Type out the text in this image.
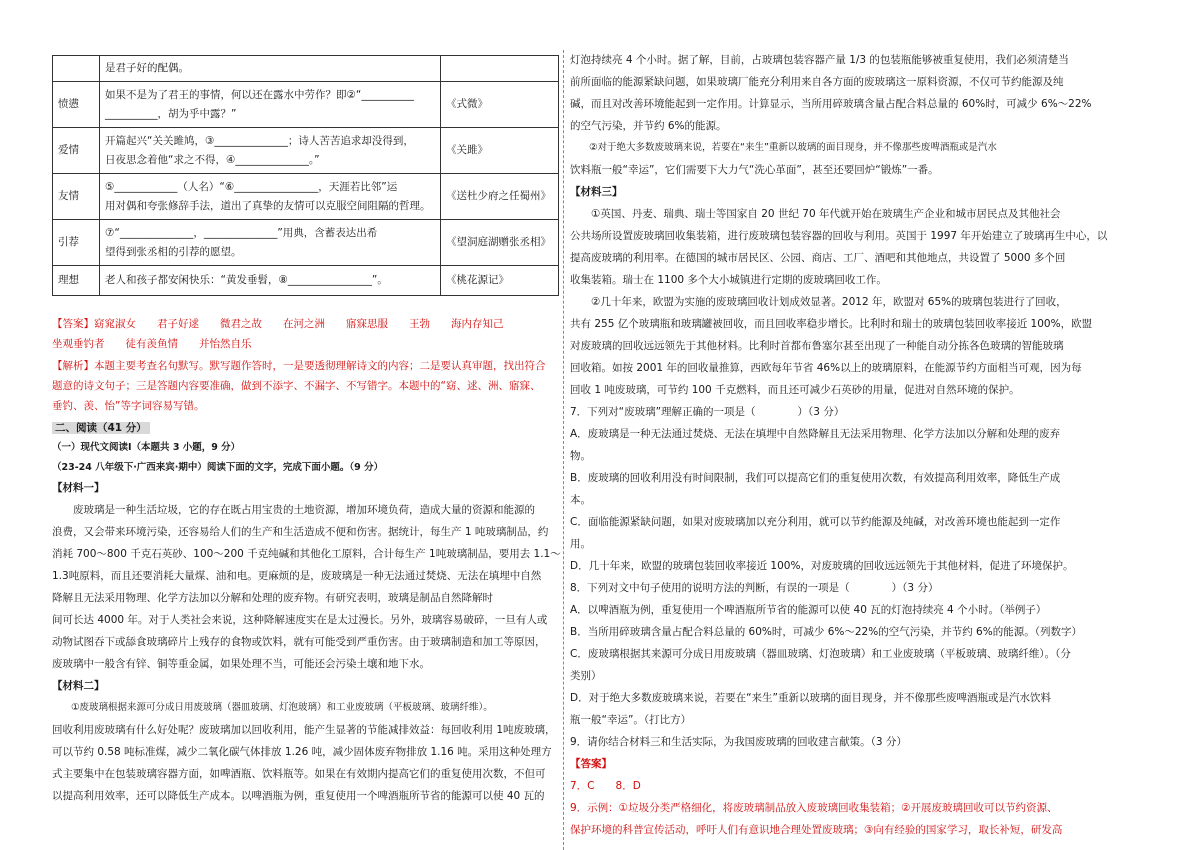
	是君子好的配偶。	
愤懑	如果不是为了君王的事情，何以还在露水中劳作？即②“__________
__________，胡为乎中露？”	《式微》
爱情	开篇起兴“关关雎鸠，③______________；诗人苦苦追求却没得到，
日夜思念着他“求之不得，④______________。”	《关雎》
友情	⑤____________（人名）“⑥________________，天涯若比邻”运
用对偶和夸张修辞手法，道出了真挚的友情可以克服空间阻隔的哲理。	《送杜少府之任蜀州》
引荐	⑦“______________，______________”用典，含蓄表达出希
望得到张丞相的引荐的愿望。	《望洞庭湖赠张丞相》
理想	老人和孩子都安闲快乐：“黄发垂髫，⑧________________”。	《桃花源记》
【答案】窈窕淑女　　君子好逑　　微君之故　　在河之洲　　寤寐思服　　王勃　　海内存知己
坐观垂钓者　　徒有羡鱼情　　并怡然自乐
【解析】本题主要考查名句默写。默写题作答时，一是要透彻理解诗文的内容；二是要认真审题，找出符合
题意的诗文句子；三是答题内容要准确，做到不添字、不漏字、不写错字。本题中的“窈、逑、洲、寤寐、
垂钓、羡、怡”等字词容易写错。
二、阅读（41 分）
（一）现代文阅读Ⅰ（本题共 3 小题，9 分）
（23-24 八年级下·广西来宾·期中）阅读下面的文字，完成下面小题。（9 分）
【材料一】
　　废玻璃是一种生活垃圾，它的存在既占用宝贵的土地资源，增加环境负荷，造成大量的资源和能源的
浪费，又会带来环境污染，还容易给人们的生产和生活造成不便和伤害。据统计，每生产 1 吨玻璃制品，约
消耗 700～800 千克石英砂、100～200 千克纯碱和其他化工原料，合计每生产 1吨玻璃制品，要用去 1.1～
1.3吨原料，而且还要消耗大量煤、油和电。更麻烦的是，废玻璃是一种无法通过焚烧、无法在填埋中自然
降解且无法采用物理、化学方法加以分解和处理的废弃物。有研究表明，玻璃是制品自然降解时
间可长达 4000 年。对于人类社会来说，这种降解速度实在是太过漫长。另外，玻璃容易破碎，一旦有人或
动物试图吞下或舔食玻璃碎片上残存的食物或饮料，就有可能受到严重伤害。由于玻璃制造和加工等原因，
废玻璃中一般含有锌、铜等重金属，如果处理不当，可能还会污染土壤和地下水。
【材料二】
　　①废玻璃根据来源可分成日用废玻璃（器皿玻璃、灯泡玻璃）和工业废玻璃（平板玻璃、玻璃纤维）。
回收利用废玻璃有什么好处呢？废玻璃加以回收利用，能产生显著的节能减排效益：每回收利用 1吨废玻璃，
可以节约 0.58 吨标准煤，减少二氧化碳气体排放 1.26 吨，减少固体废弃物排放 1.16 吨。采用这种处理方
式主要集中在包装玻璃容器方面，如啤酒瓶、饮料瓶等。如果在有效期内提高它们的重复使用次数，不但可
以提高利用效率，还可以降低生产成本。以啤酒瓶为例，重复使用一个啤酒瓶所节省的能源可以使 40 瓦的
灯泡持续亮 4 个小时。据了解，目前，占玻璃包装容器产量 1/3 的包装瓶能够被重复使用，我们必须清楚当
前所面临的能源紧缺问题，如果玻璃厂能充分利用来自各方面的废玻璃这一原料资源，不仅可节约能源及纯
碱，而且对改善环境能起到一定作用。计算显示，当所用碎玻璃含量占配合料总量的 60%时，可减少 6%～22%
的空气污染，并节约 6%的能源。
　　②对于绝大多数废玻璃来说，若要在“来生”重新以玻璃的面目现身，并不像那些废啤酒瓶或是汽水
饮料瓶一般“幸运”，它们需要下大力气“洗心革面”，甚至还要回炉“锻炼”一番。
【材料三】
　　①英国、丹麦、瑞典、瑞士等国家自 20 世纪 70 年代就开始在玻璃生产企业和城市居民点及其他社会
公共场所设置废玻璃回收集装箱，进行废玻璃包装容器的回收与利用。英国于 1997 年开始建立了玻璃再生中心，以
提高废玻璃的利用率。在德国的城市居民区、公园、商店、工厂、酒吧和其他地点，共设置了 5000 多个回
收集装箱。瑞士在 1100 多个大小城镇进行定期的废玻璃回收工作。
　　②几十年来，欧盟为实施的废玻璃回收计划成效显著。2012 年，欧盟对 65%的玻璃包装进行了回收，
共有 255 亿个玻璃瓶和玻璃罐被回收，而且回收率稳步增长。比利时和瑞士的玻璃包装回收率接近 100%，欧盟
对废玻璃的回收远远领先于其他材料。比利时首都布鲁塞尔甚至出现了一种能自动分拣各色玻璃的智能玻璃
回收箱。如按 2001 年的回收量推算，西欧每年节省 46%以上的玻璃原料，在能源节约方面相当可观，因为每
回收 1 吨废玻璃，可节约 100 千克燃料，而且还可减少石英砂的用量，促进对自然环境的保护。
7．下列对“废玻璃”理解正确的一项是（　　　　）（3 分）
A．废玻璃是一种无法通过焚烧、无法在填埋中自然降解且无法采用物理、化学方法加以分解和处理的废弃
物。
B．废玻璃的回收利用没有时间限制，我们可以提高它们的重复使用次数，有效提高利用效率，降低生产成
本。
C．面临能源紧缺问题，如果对废玻璃加以充分利用，就可以节约能源及纯碱，对改善环境也能起到一定作
用。
D．几十年来，欧盟的玻璃包装回收率接近 100%，对废玻璃的回收远远领先于其他材料，促进了环境保护。
8．下列对文中句子使用的说明方法的判断，有误的一项是（　　　　）（3 分）
A．以啤酒瓶为例，重复使用一个啤酒瓶所节省的能源可以使 40 瓦的灯泡持续亮 4 个小时。（举例子）
B．当所用碎玻璃含量占配合料总量的 60%时，可减少 6%～22%的空气污染，并节约 6%的能源。（列数字）
C．废玻璃根据其来源可分成日用废玻璃（器皿玻璃、灯泡玻璃）和工业废玻璃（平板玻璃、玻璃纤维）。（分
类别）
D．对于绝大多数废玻璃来说，若要在“来生”重新以玻璃的面目现身，并不像那些废啤酒瓶或是汽水饮料
瓶一般“幸运”。（打比方）
9．请你结合材料三和生活实际，为我国废玻璃的回收建言献策。（3 分）
【答案】
7．C　　8．D
9．示例：①垃圾分类严格细化，将废玻璃制品放入废玻璃回收集装箱；②开展废玻璃回收可以节约资源、
保护环境的科普宣传活动，呼吁人们有意识地合理处置废玻璃；③向有经验的国家学习，取长补短，研发高
